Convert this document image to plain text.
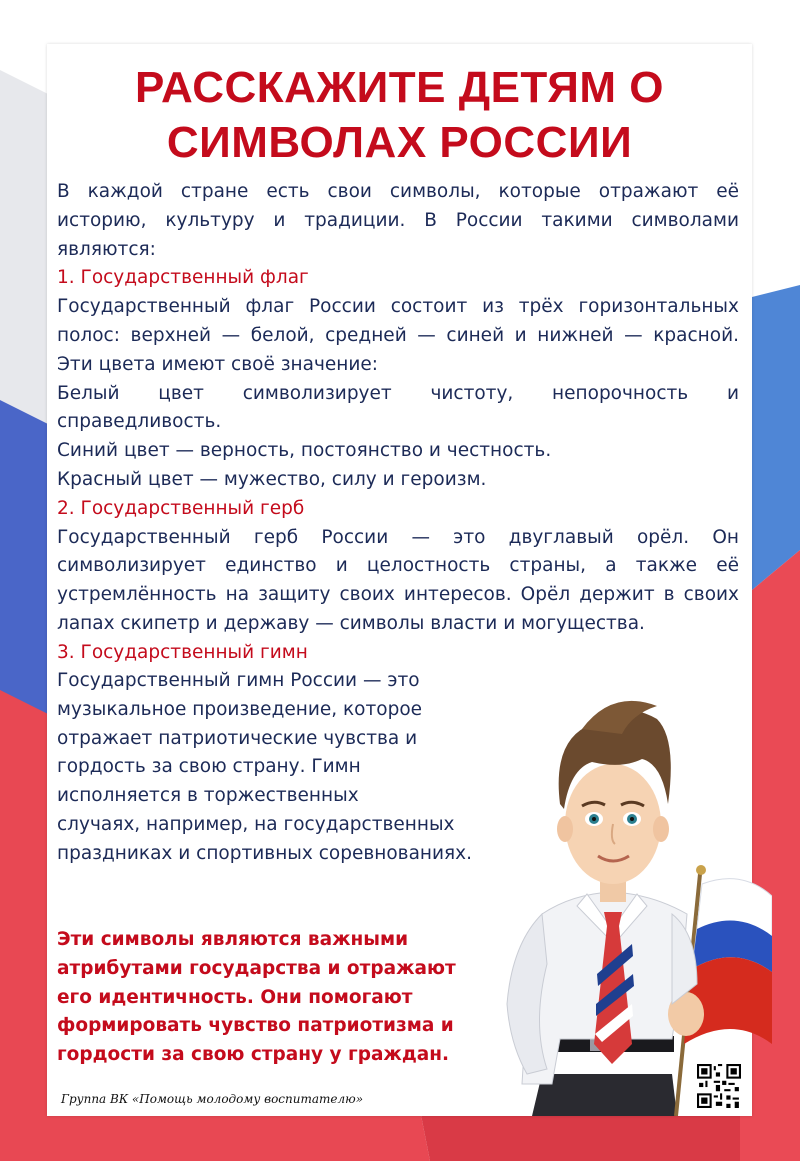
РАССКАЖИТЕ ДЕТЯМ О
СИМВОЛАХ РОССИИ

В каждой стране есть свои символы, которые отражают её

историю, культуру и традиции. В России такими символами

являются:

1. Государственный флаг

Государственный флаг России состоит из трёх горизонтальных

полос: верхней — белой, средней — синей и нижней — красной.

Эти цвета имеют своё значение:

Белый цвет символизирует чистоту, непорочность и

справедливость.

Синий цвет — верность, постоянство и честность.

Красный цвет — мужество, силу и героизм.

2. Государственный герб

Государственный герб России — это двуглавый орёл. Он

символизирует единство и целостность страны, а также её

устремлённость на защиту своих интересов. Орёл держит в своих

лапах скипетр и державу — символы власти и могущества.

3. Государственный гимн

Государственный гимн России — это

музыкальное произведение, которое

отражает патриотические чувства и

гордость за свою страну. Гимн

исполняется в торжественных

случаях, например, на государственных

праздниках и спортивных соревнованиях.

Эти символы являются важными

атрибутами государства и отражают

его идентичность. Они помогают

формировать чувство патриотизма и

гордости за свою страну у граждан.

Группа ВК «Помощь молодому воспитателю»
